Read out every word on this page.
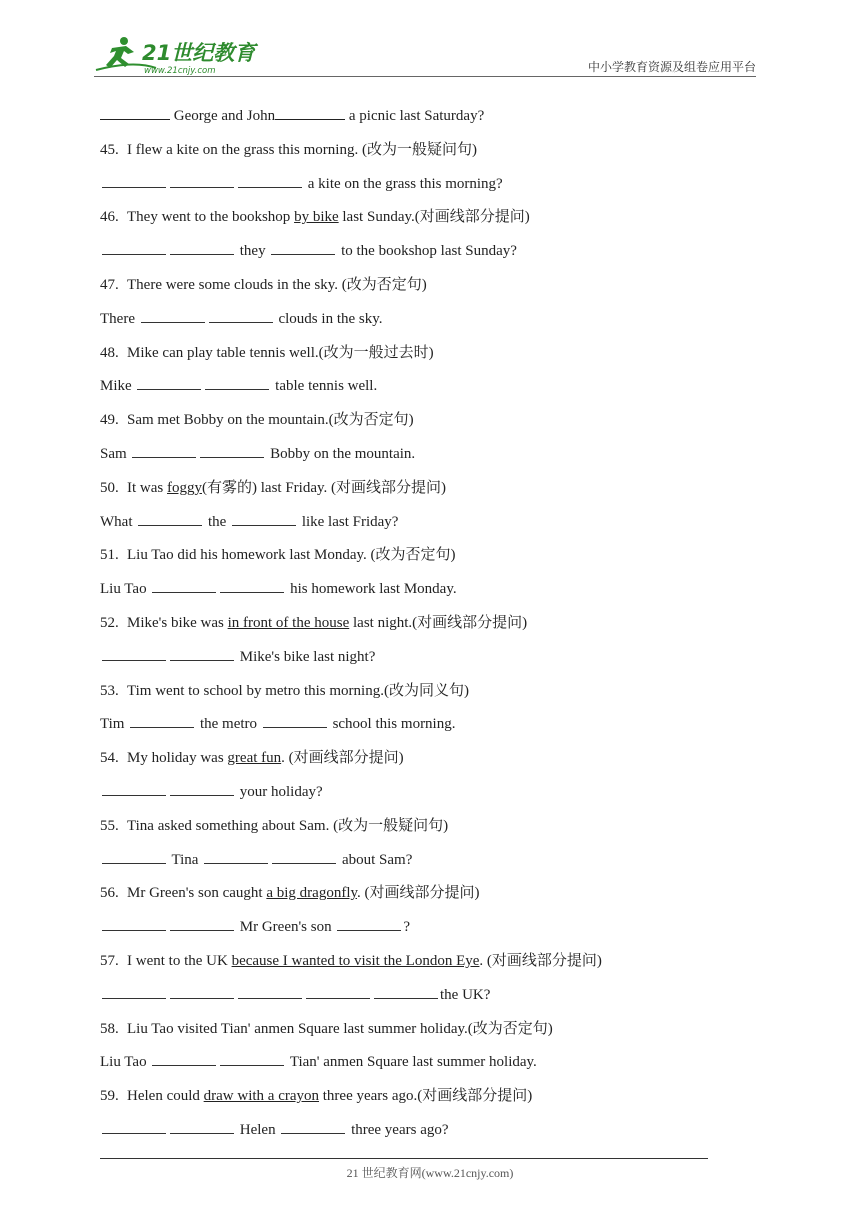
21世纪教育
www.21cnjy.com	中小学教育资源及组卷应用平台
George and John	a picnic last Saturday?
45. I flew a kite on the grass this morning. (改为一般疑问句)
a kite on the grass this morning?
46. They went to the bookshop by bike last Sunday.(对画线部分提问)
they	to the bookshop last Sunday?
47. There were some clouds in the sky. (改为否定句)
There	clouds in the sky.
48. Mike can play table tennis well.(改为一般过去时)
Mike	table tennis well.
49. Sam met Bobby on the mountain.(改为否定句)
Sam	Bobby on the mountain.
50. It was foggy(有雾的) last Friday. (对画线部分提问)
What	the	like last Friday?
51. Liu Tao did his homework last Monday. (改为否定句)
Liu Tao	his homework last Monday.
52. Mike's bike was in front of the house last night.(对画线部分提问)
Mike's bike last night?
53. Tim went to school by metro this morning.(改为同义句)
Tim	the metro	school this morning.
54. My holiday was great fun. (对画线部分提问)
your holiday?
55. Tina asked something about Sam. (改为一般疑问句)
Tina	about Sam?
56. Mr Green's son caught a big dragonfly. (对画线部分提问)
Mr Green's son	?
57. I went to the UK because I wanted to visit the London Eye. (对画线部分提问)
the UK?
58. Liu Tao visited Tian' anmen Square last summer holiday.(改为否定句)
Liu Tao	Tian' anmen Square last summer holiday.
59. Helen could draw with a crayon three years ago.(对画线部分提问)
Helen	three years ago?
21 世纪教育网(www.21cnjy.com)
